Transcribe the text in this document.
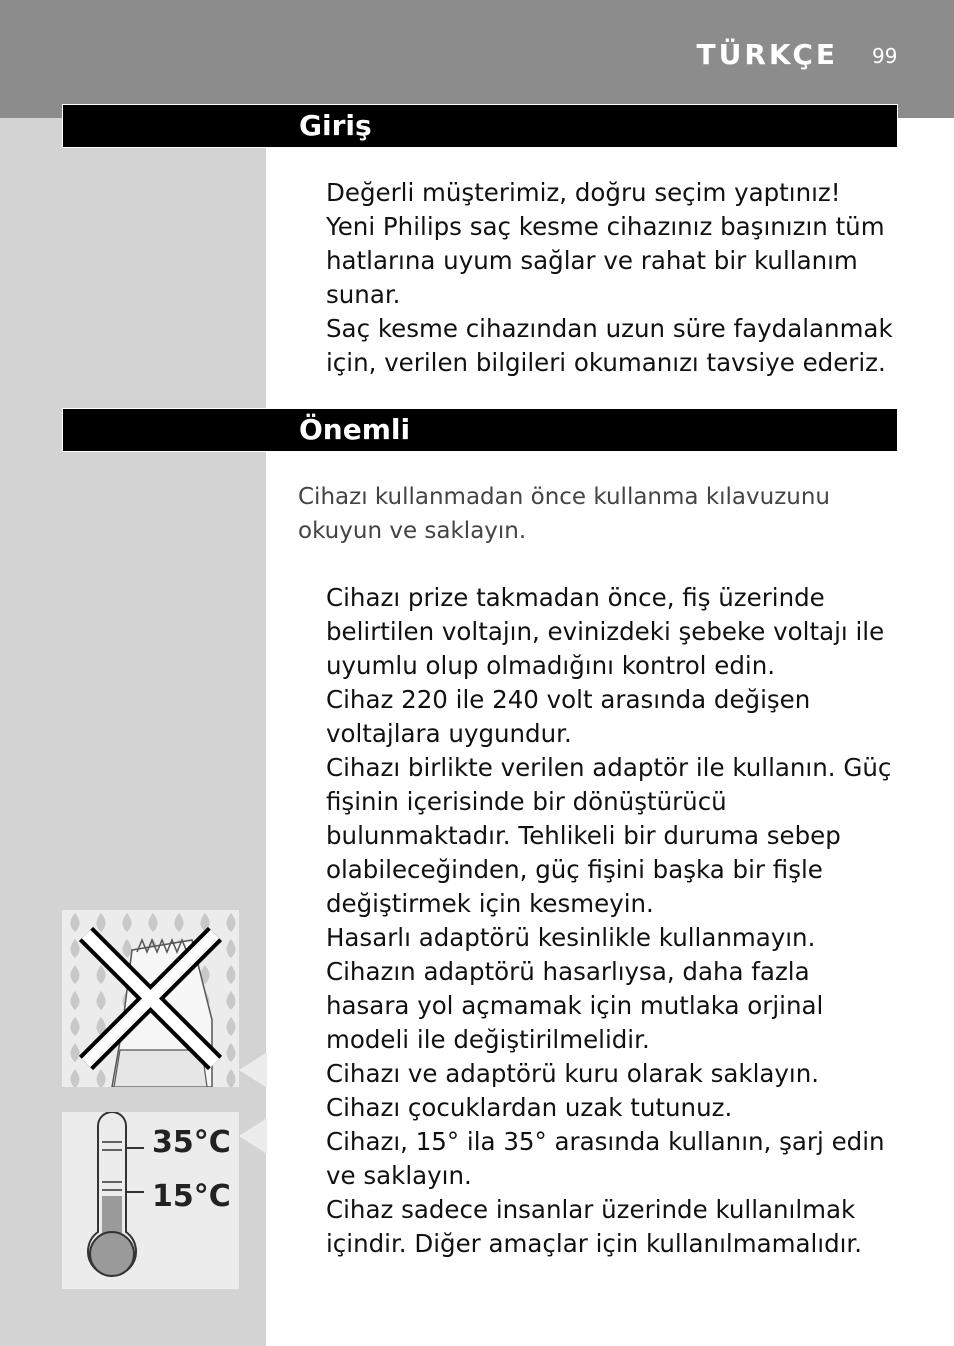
TÜRKÇE 99
Giriş

Değerli müşterimiz, doğru seçim yaptınız! Yeni Philips saç kesme cihazınız başınızın tüm hatlarına uyum sağlar ve rahat bir kullanım sunar.

Saç kesme cihazından uzun süre faydalanmak için, verilen bilgileri okumanızı tavsiye ederiz.

Önemli
Cihazı kullanmadan önce kullanma kılavuzunu okuyun ve saklayın.

Cihazı prize takmadan önce, fiş üzerinde belirtilen voltajın, evinizdeki şebeke voltajı ile uyumlu olup olmadığını kontrol edin.

Cihaz 220 ile 240 volt arasında değişen voltajlara uygundur.

Cihazı birlikte verilen adaptör ile kullanın. Güç fişinin içerisinde bir dönüştürücü bulunmaktadır. Tehlikeli bir duruma sebep olabileceğinden, güç fişini başka bir fişle değiştirmek için kesmeyin.

Hasarlı adaptörü kesinlikle kullanmayın.

Cihazın adaptörü hasarlıysa, daha fazla hasara yol açmamak için mutlaka orjinal modeli ile değiştirilmelidir.

Cihazı ve adaptörü kuru olarak saklayın.

Cihazı çocuklardan uzak tutunuz.

Cihazı, 15° ila 35° arasında kullanın, şarj edin ve saklayın.

Cihaz sadece insanlar üzerinde kullanılmak içindir. Diğer amaçlar için kullanılmamalıdır.

35°C
15°C
